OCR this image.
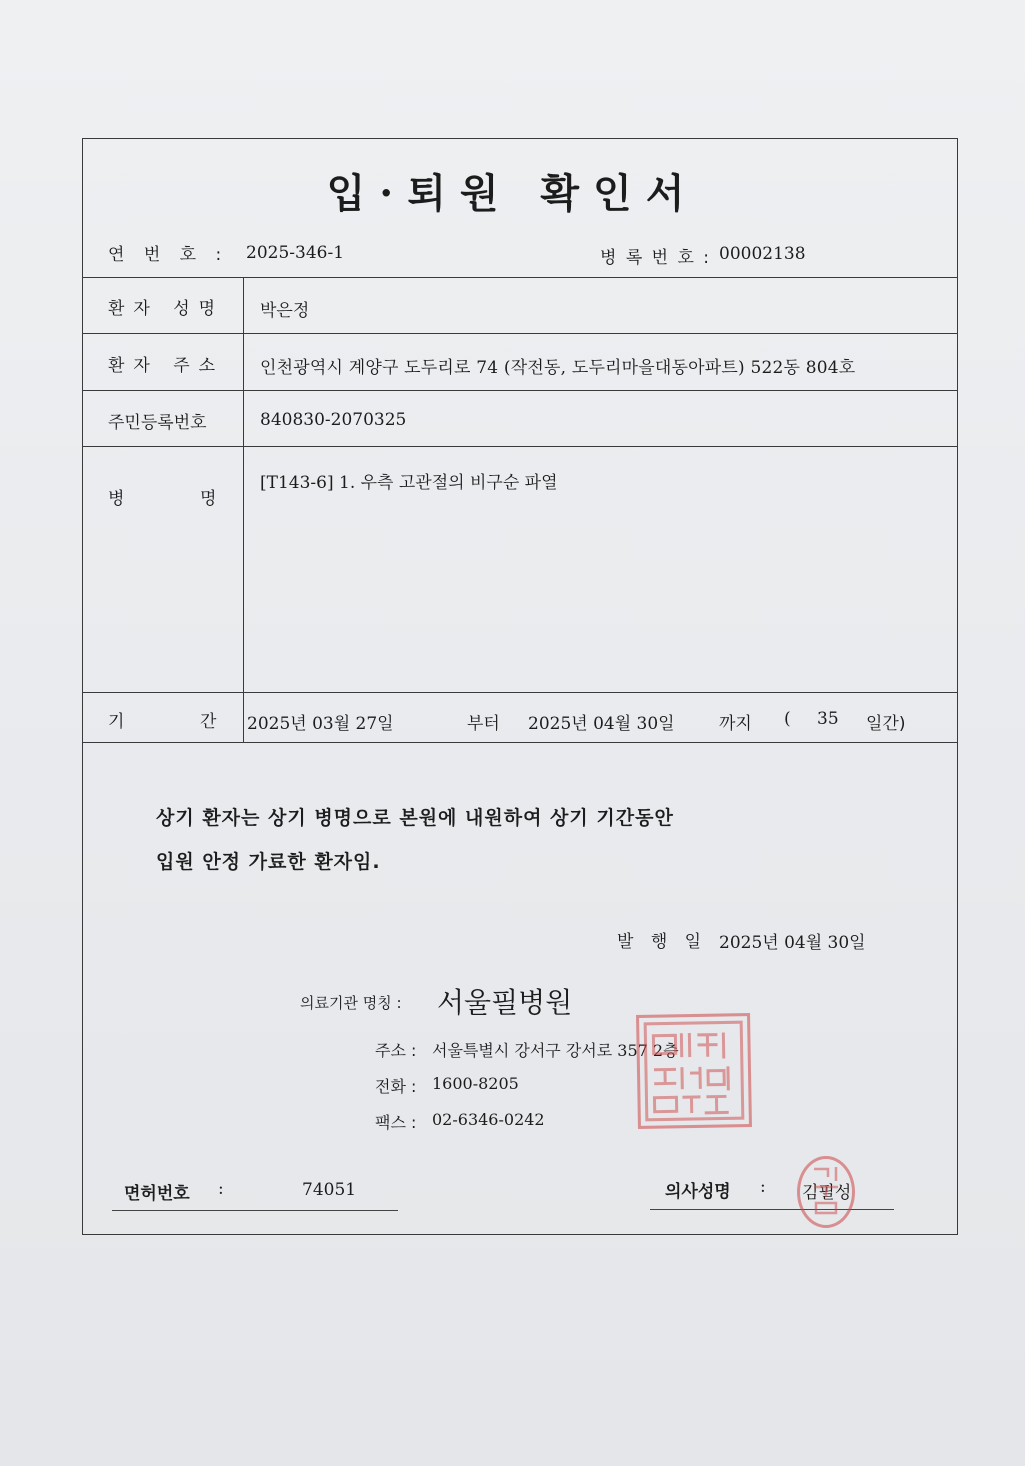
입·퇴원 확인서
연 번 호 : 2025-346-1	병 록 번 호 : 00002138
환자 성명 박은정
환자 주소 인천광역시 계양구 도두리로 74 (작전동, 도두리마을대동아파트) 522동 804호
주민등록번호	840830-2070325
병	명
[T143-6] 1. 우측 고관절의 비구순 파열
기	간 2025년 03월 27일	부터 2025년 04월 30일	까지 ( 35 일간)
상기 환자는 상기 병명으로 본원에 내원하여 상기 기간동안
입원 안정 가료한 환자임.
발 행 일 2025년 04월 30일
의료기관 명칭 : 서울필병원
주소 : 서울특별시 강서구 강서로 357 2층
전화 : 1600-8205
팩스 : 02-6346-0242
면허번호 :	74051	의사성명 : 김필성
